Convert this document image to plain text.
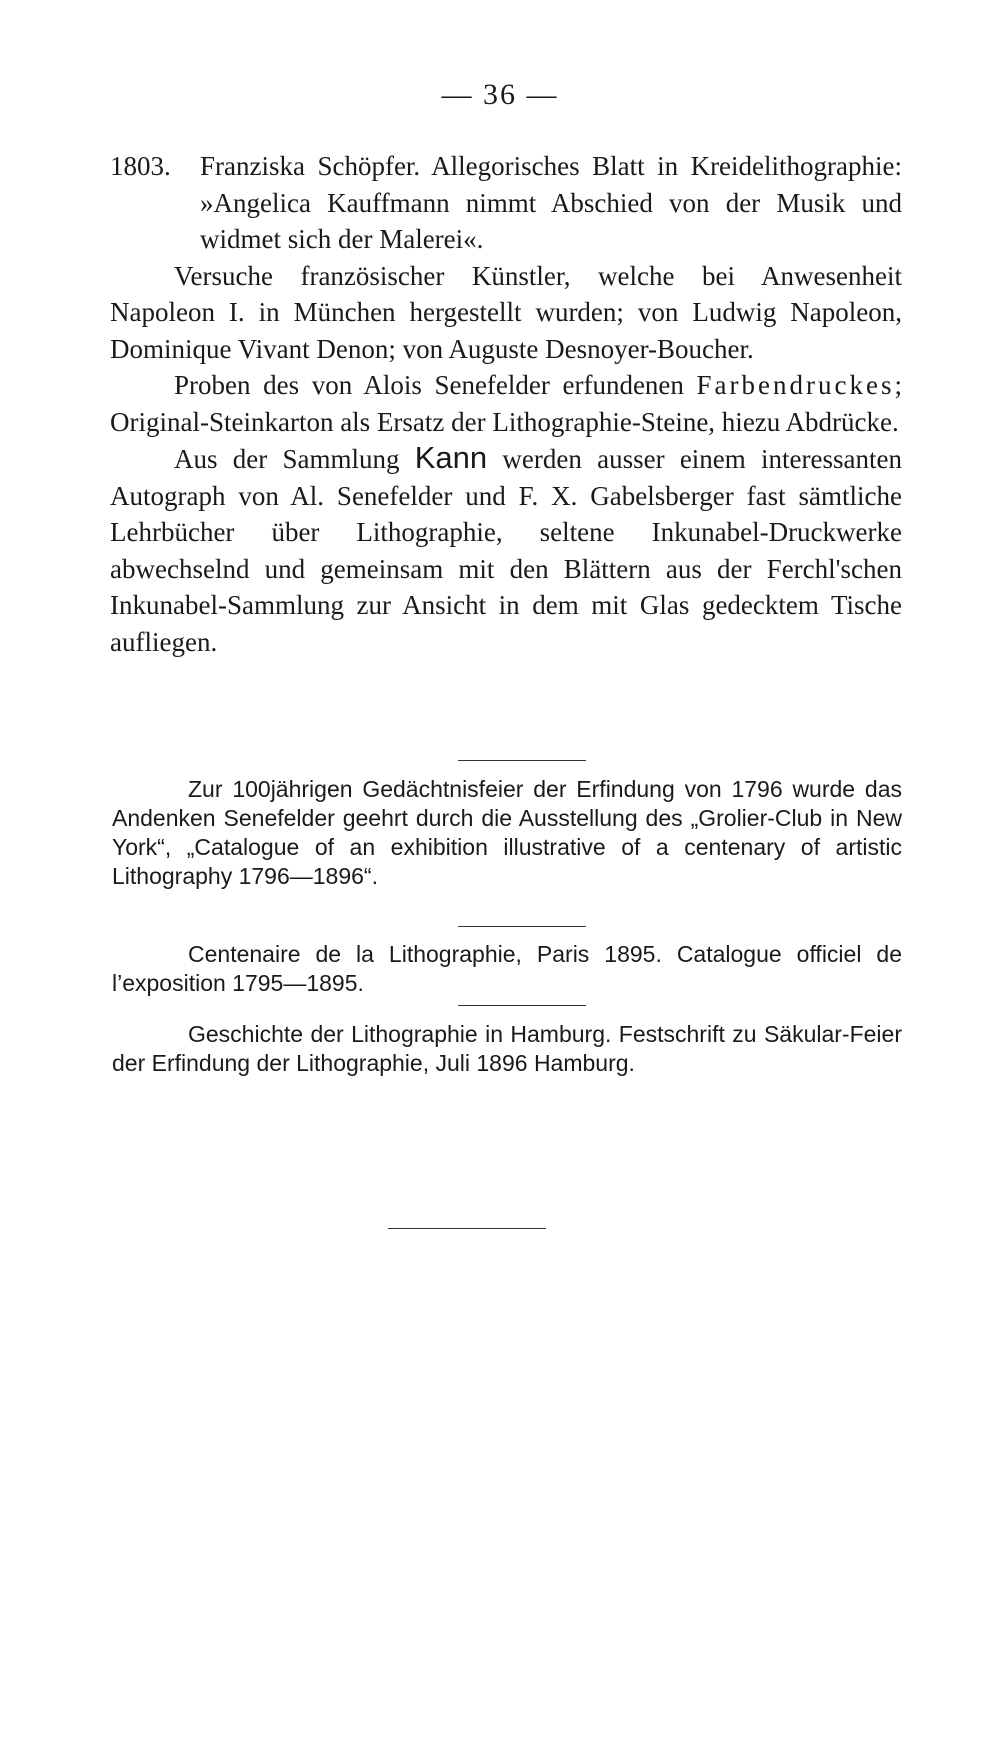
— 36 —
1803.	Franziska Schöpfer. Allegorisches Blatt in Kreidelithographie: »Angelica Kauffmann nimmt Abschied von der Musik und widmet sich der Malerei«.

Versuche französischer Künstler, welche bei Anwesenheit Napoleon I. in München hergestellt wurden; von Ludwig Napoleon, Dominique Vivant Denon; von Auguste Desnoyer-Boucher.

Proben des von Alois Senefelder erfundenen Farbendruckes; Original-Steinkarton als Ersatz der Lithographie-Steine, hiezu Abdrücke.

Aus der Sammlung Kann werden ausser einem interessanten Autograph von Al. Senefelder und F. X. Gabelsberger fast sämtliche Lehrbücher über Lithographie, seltene Inkunabel-Druckwerke abwechselnd und gemeinsam mit den Blättern aus der Ferchl'schen Inkunabel-Sammlung zur Ansicht in dem mit Glas gedecktem Tische aufliegen.

Zur 100jährigen Gedächtnisfeier der Erfindung von 1796 wurde das Andenken Senefelder geehrt durch die Ausstellung des „Grolier-Club in New York“, „Catalogue of an exhibition illustrative of a centenary of artistic Lithography 1796—1896“.

Centenaire de la Lithographie, Paris 1895. Catalogue officiel de l’exposition 1795—1895.

Geschichte der Lithographie in Hamburg. Festschrift zu Säkular-Feier der Erfindung der Lithographie, Juli 1896 Hamburg.
